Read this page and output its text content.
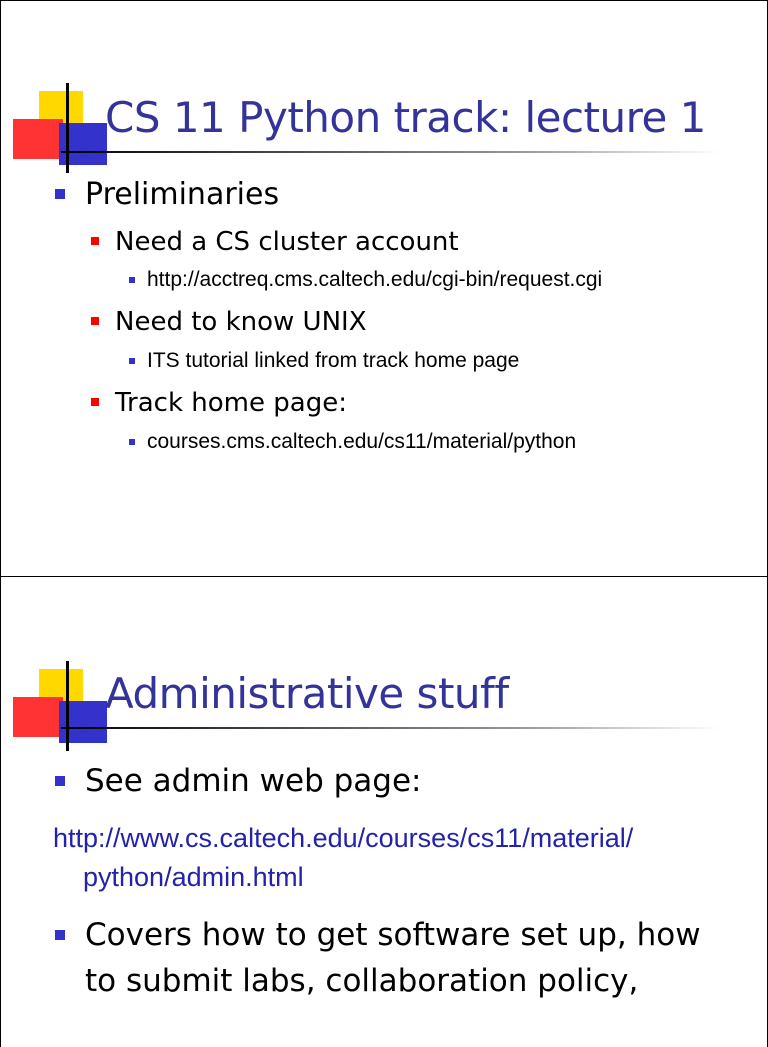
CS 11 Python track: lecture 1
Preliminaries
Need a CS cluster account
http://acctreq.cms.caltech.edu/cgi-bin/request.cgi
Need to know UNIX
ITS tutorial linked from track home page
Track home page:
courses.cms.caltech.edu/cs11/material/python
Administrative stuff
See admin web page:
http://www.cs.caltech.edu/courses/cs11/material/
python/admin.html
Covers how to get software set up, how
to submit labs, collaboration policy,
